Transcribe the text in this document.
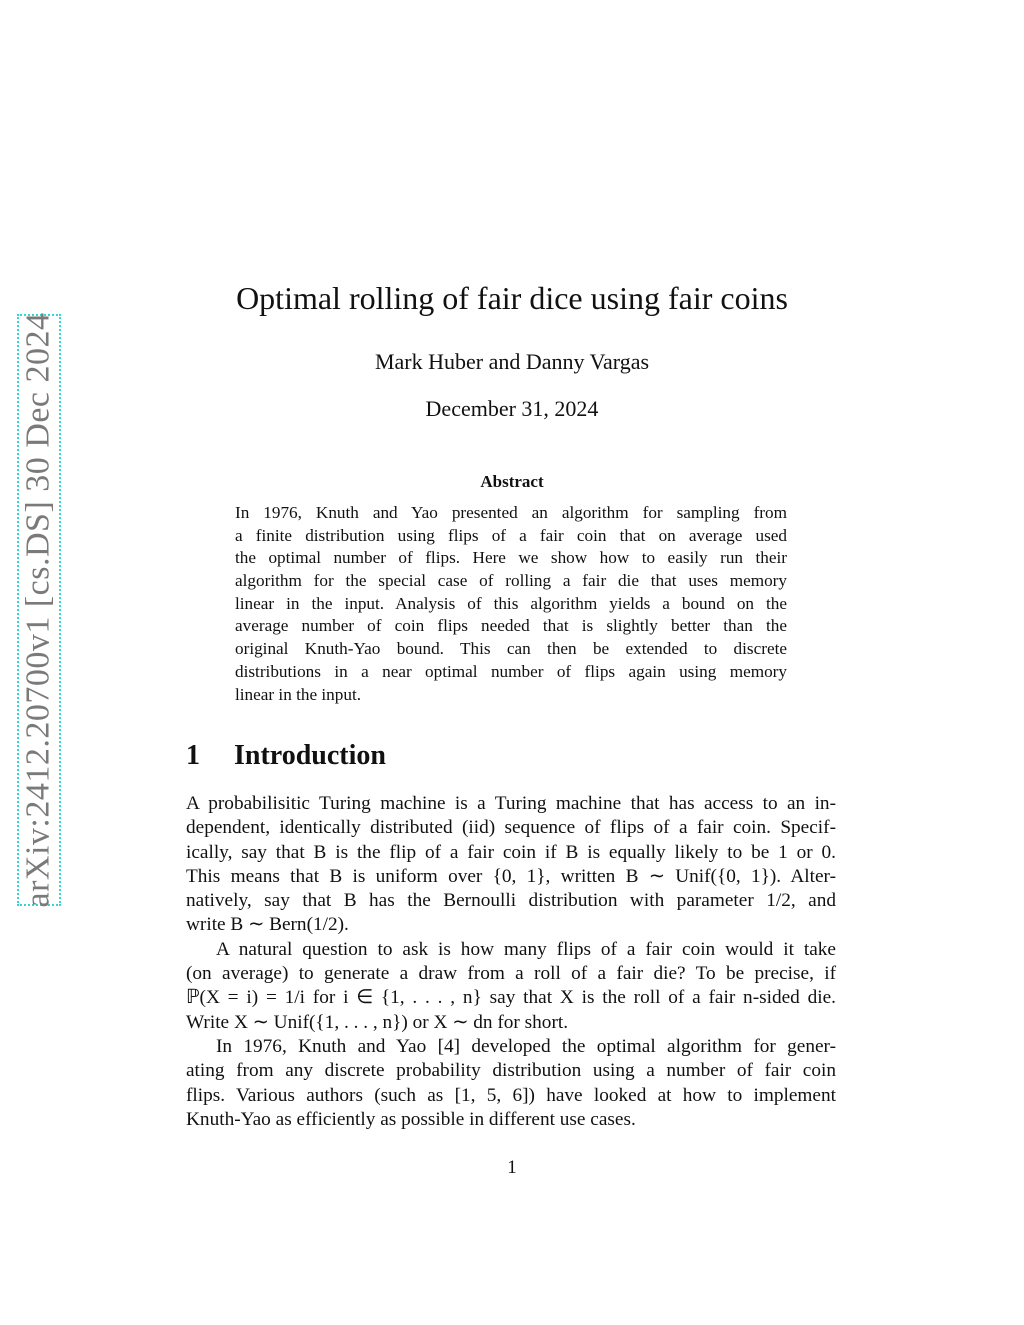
arXiv:2412.20700v1 [cs.DS] 30 Dec 2024
Optimal rolling of fair dice using fair coins
Mark Huber and Danny Vargas
December 31, 2024
Abstract
In 1976, Knuth and Yao presented an algorithm for sampling from
a finite distribution using flips of a fair coin that on average used
the optimal number of flips. Here we show how to easily run their
algorithm for the special case of rolling a fair die that uses memory
linear in the input. Analysis of this algorithm yields a bound on the
average number of coin flips needed that is slightly better than the
original Knuth-Yao bound. This can then be extended to discrete
distributions in a near optimal number of flips again using memory
linear in the input.
1 Introduction
A probabilisitic Turing machine is a Turing machine that has access to an in-
dependent, identically distributed (iid) sequence of flips of a fair coin. Specif-
ically, say that B is the flip of a fair coin if B is equally likely to be 1 or 0.
This means that B is uniform over {0, 1}, written B ∼ Unif({0, 1}). Alter-
natively, say that B has the Bernoulli distribution with parameter 1/2, and
write B ∼ Bern(1/2).
A natural question to ask is how many flips of a fair coin would it take
(on average) to generate a draw from a roll of a fair die? To be precise, if
ℙ(X = i) = 1/i for i ∈ {1, . . . , n} say that X is the roll of a fair n-sided die.
Write X ∼ Unif({1, . . . , n}) or X ∼ dn for short.
In 1976, Knuth and Yao [4] developed the optimal algorithm for gener-
ating from any discrete probability distribution using a number of fair coin
flips. Various authors (such as [1, 5, 6]) have looked at how to implement
Knuth-Yao as efficiently as possible in different use cases.
1
